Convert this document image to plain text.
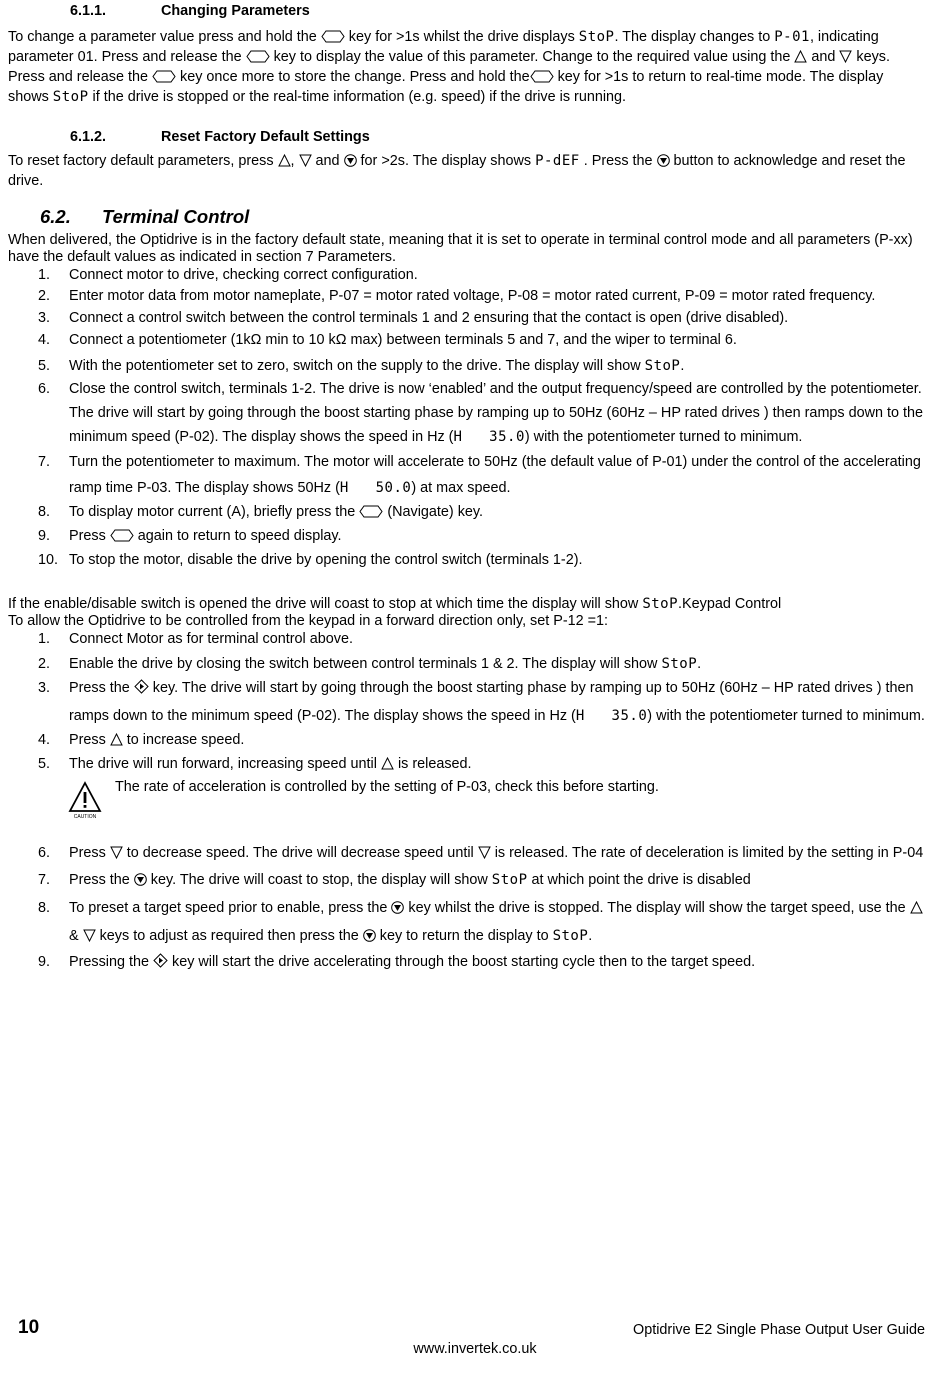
6.1.1.	Changing Parameters

To change a parameter value press and hold the  key for >1s whilst the drive displays StoP. The display changes to P-01, indicating parameter 01. Press and release the  key to display the value of this parameter. Change to the required value using the  and  keys. Press and release the  key once more to store the change. Press and hold the key for >1s to return to real-time mode. The display shows StoP if the drive is stopped or the real-time information (e.g. speed) if the drive is running.

6.1.2.	Reset Factory Default Settings

To reset factory default parameters, press ,  and  for >2s. The display shows P-dEF . Press the  button to acknowledge and reset the drive.

6.2. Terminal Control

When delivered, the Optidrive is in the factory default state, meaning that it is set to operate in terminal control mode and all parameters (P-xx) have the default values as indicated in section 7 Parameters.

1. Connect motor to drive, checking correct configuration.
2. Enter motor data from motor nameplate, P-07 = motor rated voltage, P-08 = motor rated current, P-09 = motor rated frequency.
3. Connect a control switch between the control terminals 1 and 2 ensuring that the contact is open (drive disabled).
4. Connect a potentiometer (1kΩ min to 10 kΩ max) between terminals 5 and 7, and the wiper to terminal 6.
5. With the potentiometer set to zero, switch on the supply to the drive. The display will show StoP.
6. Close the control switch, terminals 1-2. The drive is now ‘enabled’ and the output frequency/speed are controlled by the potentiometer. The drive will start by going through the boost starting phase by ramping up to 50Hz (60Hz – HP rated drives ) then ramps down to the minimum speed (P-02). The display shows the speed in Hz (H   35.0) with the potentiometer turned to minimum.
7. Turn the potentiometer to maximum. The motor will accelerate to 50Hz (the default value of P-01) under the control of the accelerating ramp time P-03. The display shows 50Hz (H   50.0) at max speed.
8. To display motor current (A), briefly press the  (Navigate) key.
9. Press  again to return to speed display.
10. To stop the motor, disable the drive by opening the control switch (terminals 1-2).

If the enable/disable switch is opened the drive will coast to stop at which time the display will show StoP.Keypad Control

To allow the Optidrive to be controlled from the keypad in a forward direction only, set P-12 =1:

1. Connect Motor as for terminal control above.
2. Enable the drive by closing the switch between control terminals 1 & 2. The display will show StoP.
3. Press the  key. The drive will start by going through the boost starting phase by ramping up to 50Hz (60Hz – HP rated drives ) then ramps down to the minimum speed (P-02). The display shows the speed in Hz (H   35.0) with the potentiometer turned to minimum.
4. Press  to increase speed.
5. The drive will run forward, increasing speed until  is released.
CAUTION
The rate of acceleration is controlled by the setting of P-03, check this before starting.
6. Press  to decrease speed. The drive will decrease speed until  is released. The rate of deceleration is limited by the setting in P-04
7. Press the  key. The drive will coast to stop, the display will show StoP at which point the drive is disabled
8. To preset a target speed prior to enable, press the  key whilst the drive is stopped. The display will show the target speed, use the  &  keys to adjust as required then press the  key to return the display to StoP.
9. Pressing the  key will start the drive accelerating through the boost starting cycle then to the target speed.
10	Optidrive E2 Single Phase Output User Guide
www.invertek.co.uk
